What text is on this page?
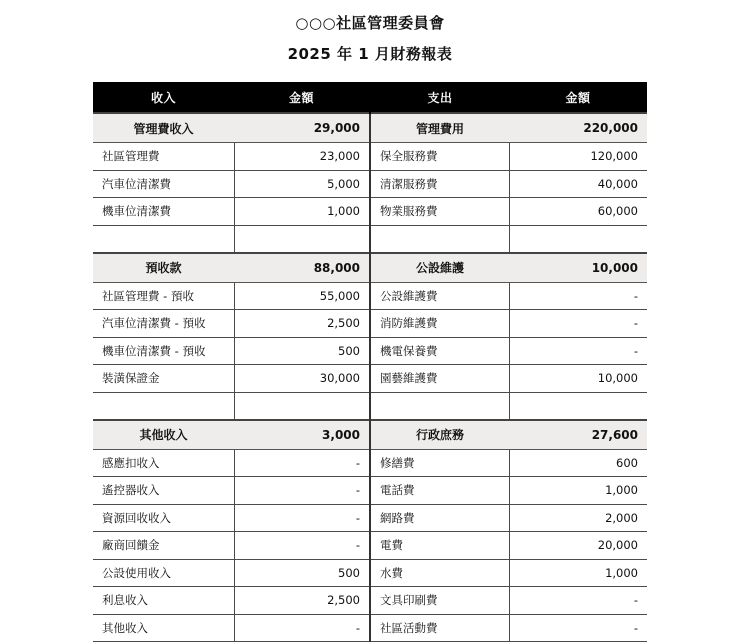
○○○社區管理委員會
2025 年 1 月財務報表
收入	金額	支出	金額
管理費收入	29,000	管理費用	220,000
社區管理費	23,000	保全服務費	120,000
汽車位清潔費	5,000	清潔服務費	40,000
機車位清潔費	1,000	物業服務費	60,000

預收款	88,000	公設維護	10,000
社區管理費 - 預收	55,000	公設維護費	-
汽車位清潔費 - 預收	2,500	消防維護費	-
機車位清潔費 - 預收	500	機電保養費	-
裝潢保證金	30,000	園藝維護費	10,000

其他收入	3,000	行政庶務	27,600
感應扣收入	-	修繕費	600
遙控器收入	-	電話費	1,000
資源回收收入	-	網路費	2,000
廠商回饋金	-	電費	20,000
公設使用收入	500	水費	1,000
利息收入	2,500	文具印刷費	-
其他收入	-	社區活動費	-
